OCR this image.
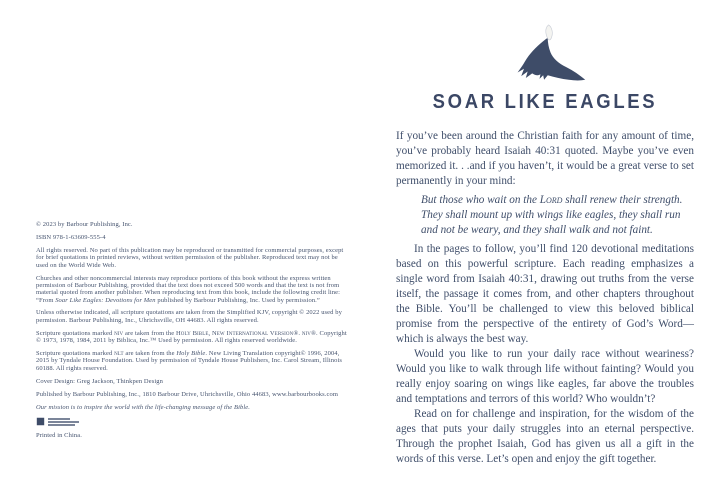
© 2023 by Barbour Publishing, Inc.

ISBN 978-1-63609-555-4

All rights reserved. No part of this publication may be reproduced or transmitted for commercial purposes, except for brief quotations in printed reviews, without written permission of the publisher. Reproduced text may not be used on the World Wide Web.

Churches and other noncommercial interests may reproduce portions of this book without the express written permission of Barbour Publishing, provided that the text does not exceed 500 words and that the text is not from material quoted from another publisher. When reproducing text from this book, include the following credit line: “From Soar Like Eagles: Devotions for Men published by Barbour Publishing, Inc. Used by permission.”

Unless otherwise indicated, all scripture quotations are taken from the Simplified KJV, copyright © 2022 used by permission. Barbour Publishing, Inc., Uhrichsville, OH 44683. All rights reserved.

Scripture quotations marked niv are taken from the Holy Bible, New International Version®. niv®. Copyright © 1973, 1978, 1984, 2011 by Biblica, Inc.™ Used by permission. All rights reserved worldwide.

Scripture quotations marked nlt are taken from the Holy Bible. New Living Translation copyright© 1996, 2004, 2015 by Tyndale House Foundation. Used by permission of Tyndale House Publishers, Inc. Carol Stream, Illinois 60188. All rights reserved.

Cover Design: Greg Jackson, Thinkpen Design

Published by Barbour Publishing, Inc., 1810 Barbour Drive, Uhrichsville, Ohio 44683, www.barbourbooks.com

Our mission is to inspire the world with the life-changing message of the Bible.

Printed in China.

SOAR LIKE EAGLES

If you’ve been around the Christian faith for any amount of time, you’ve probably heard Isaiah 40:31 quoted. Maybe you’ve even memorized it. . .and if you haven’t, it would be a great verse to set permanently in your mind:

But those who wait on the Lord shall renew their strength. They shall mount up with wings like eagles, they shall run and not be weary, and they shall walk and not faint.

In the pages to follow, you’ll find 120 devotional meditations based on this powerful scripture. Each reading emphasizes a single word from Isaiah 40:31, drawing out truths from the verse itself, the passage it comes from, and other chapters throughout the Bible. You’ll be challenged to view this beloved biblical promise from the perspective of the entirety of God’s Word—which is always the best way.

Would you like to run your daily race without weariness? Would you like to walk through life without fainting? Would you really enjoy soaring on wings like eagles, far above the troubles and temptations and terrors of this world? Who wouldn’t?

Read on for challenge and inspiration, for the wisdom of the ages that puts your daily struggles into an eternal perspective. Through the prophet Isaiah, God has given us all a gift in the words of this verse. Let’s open and enjoy the gift together.
